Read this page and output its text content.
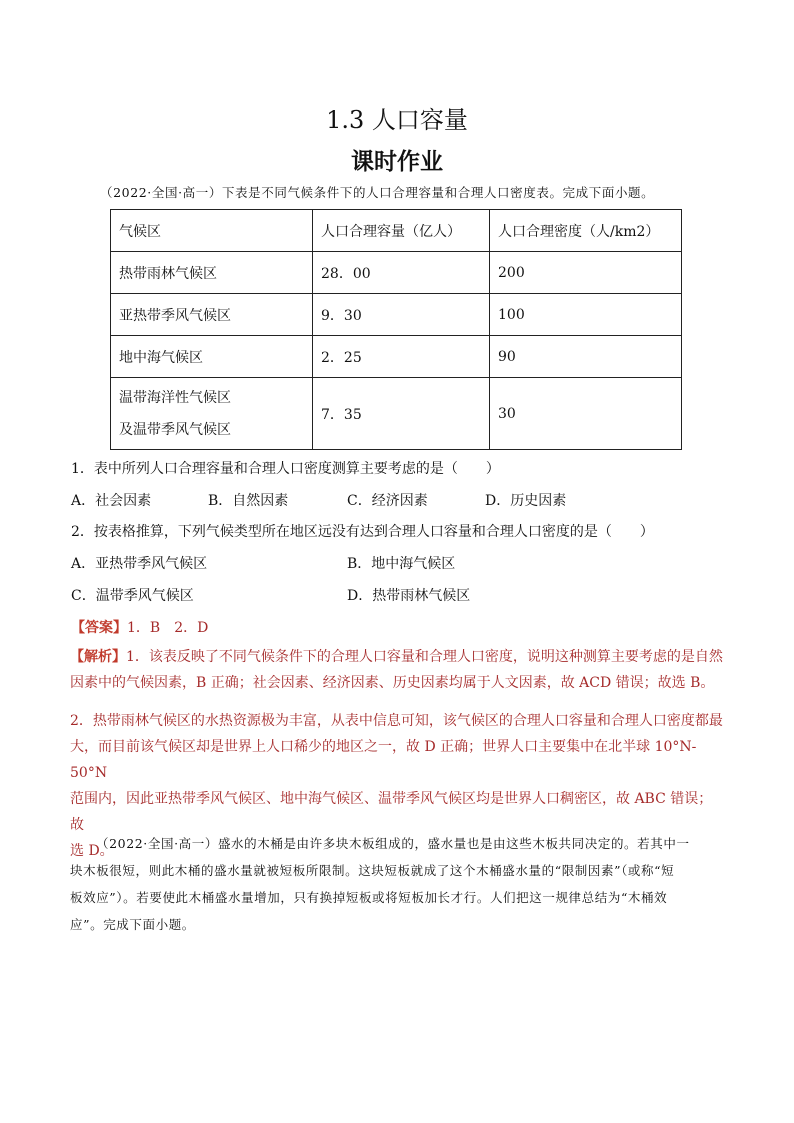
1.3 人口容量
课时作业
（2022·全国·高一）下表是不同气候条件下的人口合理容量和合理人口密度表。完成下面小题。
气候区	人口合理容量（亿人）	人口合理密度（人/km2）
热带雨林气候区	28．00	200
亚热带季风气候区	9．30	100
地中海气候区	2．25	90

温带海洋性气候区
及温带季风气候区	7．35	30
1．表中所列人口合理容量和合理人口密度测算主要考虑的是（　　）
A．社会因素	B．自然因素	C．经济因素	D．历史因素
2．按表格推算，下列气候类型所在地区远没有达到合理人口容量和合理人口密度的是（　　）
A．亚热带季风气候区	B．地中海气候区
C．温带季风气候区	D．热带雨林气候区
【答案】1．B　2．D
【解析】1．该表反映了不同气候条件下的合理人口容量和合理人口密度，说明这种测算主要考虑的是自然
因素中的气候因素，B 正确；社会因素、经济因素、历史因素均属于人文因素，故 ACD 错误；故选 B。
2．热带雨林气候区的水热资源极为丰富，从表中信息可知，该气候区的合理人口容量和合理人口密度都最
大，而目前该气候区却是世界上人口稀少的地区之一，故 D 正确；世界人口主要集中在北半球 10°N-50°N
范围内，因此亚热带季风气候区、地中海气候区、温带季风气候区均是世界人口稠密区，故 ABC 错误；故
选 D。
（2022·全国·高一）盛水的木桶是由许多块木板组成的，盛水量也是由这些木板共同决定的。若其中一
块木板很短，则此木桶的盛水量就被短板所限制。这块短板就成了这个木桶盛水量的“限制因素”（或称“短
板效应”）。若要使此木桶盛水量增加，只有换掉短板或将短板加长才行。人们把这一规律总结为“木桶效
应”。完成下面小题。
